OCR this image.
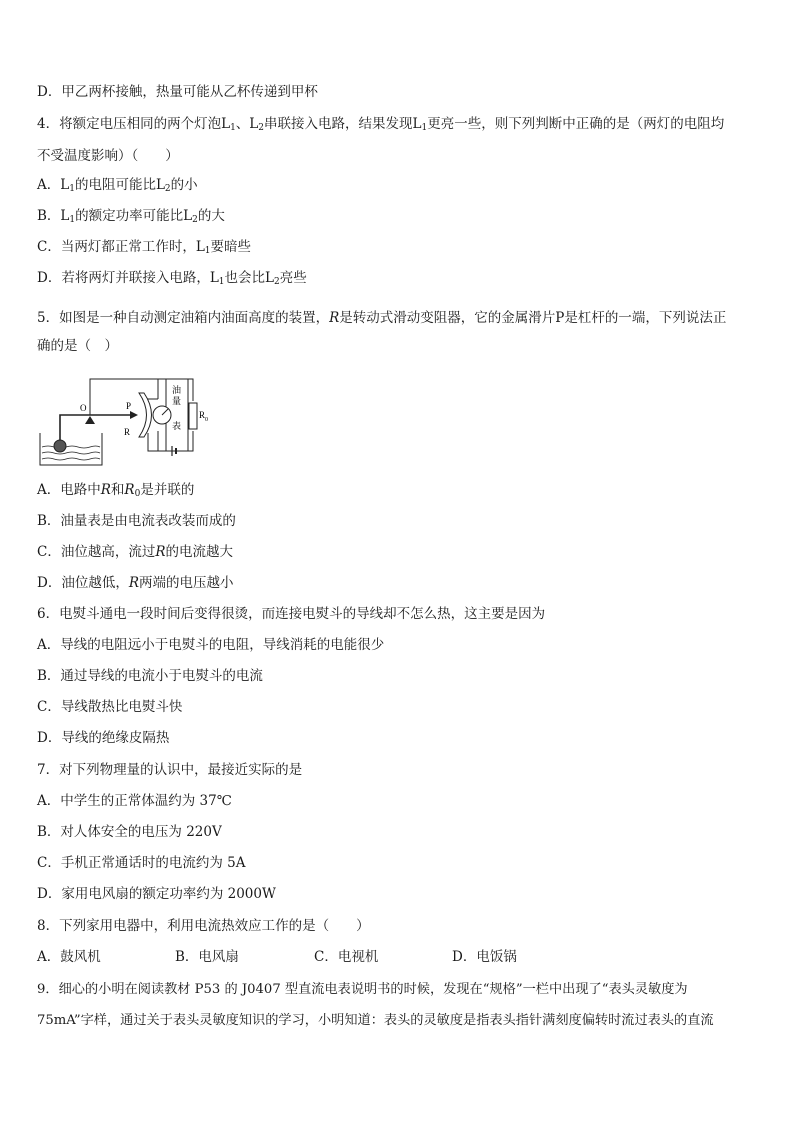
D．甲乙两杯接触，热量可能从乙杯传递到甲杯
4．将额定电压相同的两个灯泡$L_1$、$L_2$串联接入电路，结果发现$L_1$更亮一些，则下列判断中正确的是（两灯的电阻均
不受温度影响）（　　）
A．$L_1$的电阻可能比$L_2$的小
B．$L_1$的额定功率可能比$L_2$的大
C．当两灯都正常工作时，$L_1$要暗些
D．若将两灯并联接入电路，$L_1$也会比$L_2$亮些
5．如图是一种自动测定油箱内油面高度的装置，R是转动式滑动变阻器，它的金属滑片P是杠杆的一端，下列说法正
确的是（　）
O	P
R
油
量
表
R 0
A．电路中R和$R_0$是并联的
B．油量表是由电流表改装而成的
C．油位越高，流过R的电流越大
D．油位越低，R两端的电压越小
6．电熨斗通电一段时间后变得很烫，而连接电熨斗的导线却不怎么热，这主要是因为
A．导线的电阻远小于电熨斗的电阻，导线消耗的电能很少
B．通过导线的电流小于电熨斗的电流
C．导线散热比电熨斗快
D．导线的绝缘皮隔热
7．对下列物理量的认识中，最接近实际的是
A．中学生的正常体温约为 37℃
B．对人体安全的电压为 220V
C．手机正常通话时的电流约为 5A
D．家用电风扇的额定功率约为 2000W
8．下列家用电器中，利用电流热效应工作的是（　　）
A．鼓风机	B．电风扇	C．电视机	D．电饭锅
9．细心的小明在阅读教材 P53 的 J0407 型直流电表说明书的时候，发现在“规格”一栏中出现了“表头灵敏度为
75mA”字样，通过关于表头灵敏度知识的学习，小明知道：表头的灵敏度是指表头指针满刻度偏转时流过表头的直流
